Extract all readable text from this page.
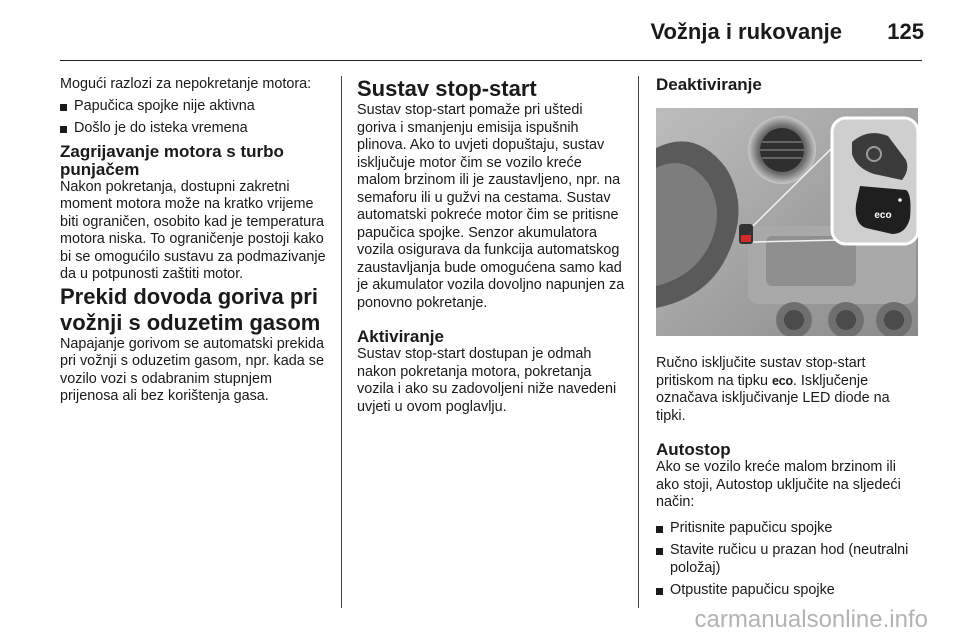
Vožnja i rukovanje 125

Mogući razlozi za nepokretanje motora:

Papučica spojke nije aktivna
Došlo je do isteka vremena

Zagrijavanje motora s turbo punjačem

Nakon pokretanja, dostupni zakretni moment motora može na kratko vrijeme biti ograničen, osobito kad je temperatura motora niska. To ograničenje postoji kako bi se omogućilo sustavu za podmazivanje da u potpunosti zaštiti motor.

Prekid dovoda goriva pri vožnji s oduzetim gasom

Napajanje gorivom se automatski prekida pri vožnji s oduzetim gasom, npr. kada se vozilo vozi s odabranim stupnjem prijenosa ali bez korištenja gasa.

Sustav stop-start

Sustav stop-start pomaže pri uštedi goriva i smanjenju emisija ispušnih plinova. Ako to uvjeti dopuštaju, sustav isključuje motor čim se vozilo kreće malom brzinom ili je zaustavljeno, npr. na semaforu ili u gužvi na cestama. Sustav automatski pokreće motor čim se pritisne papučica spojke. Senzor akumulatora vozila osigurava da funkcija automatskog zaustavljanja bude omogućena samo kad je akumulator vozila dovoljno napunjen za ponovno pokretanje.

Aktiviranje

Sustav stop-start dostupan je odmah nakon pokretanja motora, pokretanja vozila i ako su zadovoljeni niže navedeni uvjeti u ovom poglavlju.

Deaktiviranje

eco

Ručno isključite sustav stop-start pritiskom na tipku eco. Isključenje označava isključivanje LED diode na tipki.

Autostop

Ako se vozilo kreće malom brzinom ili ako stoji, Autostop uključite na sljedeći način:

Pritisnite papučicu spojke
Stavite ručicu u prazan hod (neutralni položaj)
Otpustite papučicu spojke
carmanualsonline.info
